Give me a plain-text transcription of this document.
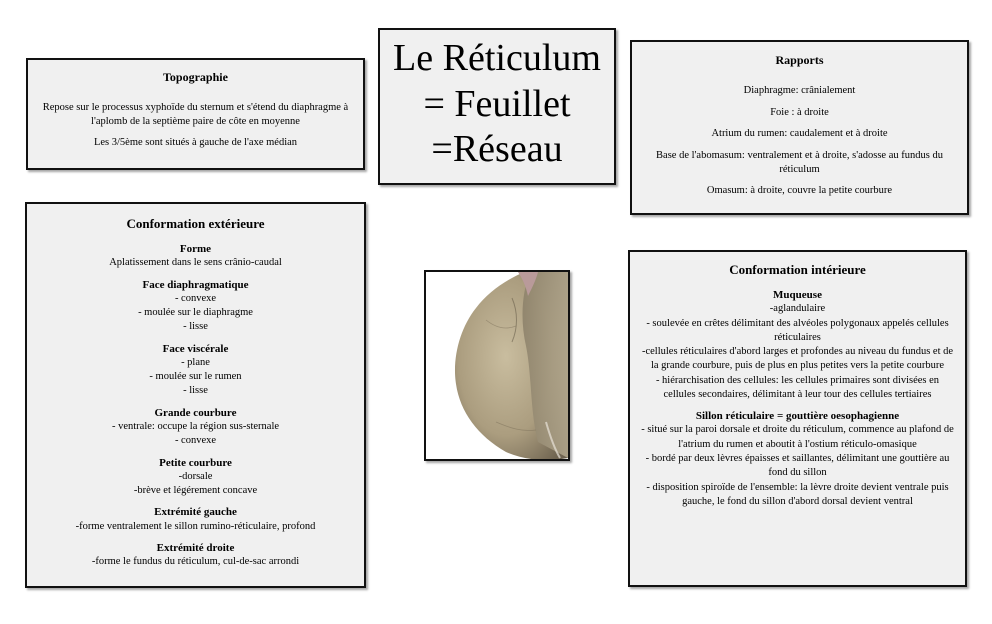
Topographie

Repose sur le processus xyphoïde du sternum et s'étend du diaphragme à l'aplomb de la septième paire de côte en moyenne

Les 3/5ème sont situés à gauche de l'axe médian

Le Réticulum
= Feuillet
=Réseau
Rapports

Diaphragme: crânialement

Foie : à droite

Atrium du rumen: caudalement et à droite

Base de l'abomasum: ventralement et à droite, s'adosse au fundus du réticulum

Omasum: à droite, couvre la petite courbure

Conformation extérieure
Forme
Aplatissement dans le sens crânio-caudal
Face diaphragmatique
- convexe
- moulée sur le diaphragme
- lisse
Face viscérale
- plane
- moulée sur le rumen
- lisse
Grande courbure
- ventrale: occupe la région sus-sternale
- convexe
Petite courbure
-dorsale
-brève et légérement concave
Extrémité gauche
-forme ventralement le sillon rumino-réticulaire, profond
Extrémité droite
-forme le fundus du réticulum, cul-de-sac arrondi
Conformation intérieure
Muqueuse
-aglandulaire
- soulevée en crêtes délimitant des alvéoles polygonaux appelés cellules réticulaires
-cellules réticulaires d'abord larges et profondes au niveau du fundus et de la grande courbure, puis de plus en plus petites vers la petite courbure
- hiérarchisation des cellules: les cellules primaires sont divisées en cellules secondaires, délimitant à leur tour des cellules tertiaires
Sillon réticulaire = gouttière oesophagienne
- situé sur la paroi dorsale et droite du réticulum, commence au plafond de l'atrium du rumen et aboutit à l'ostium réticulo-omasique
- bordé par deux lèvres épaisses et saillantes, délimitant une gouttière au fond du sillon
- disposition spiroïde de l'ensemble: la lèvre droite devient ventrale puis gauche, le fond du sillon d'abord dorsal devient ventral
